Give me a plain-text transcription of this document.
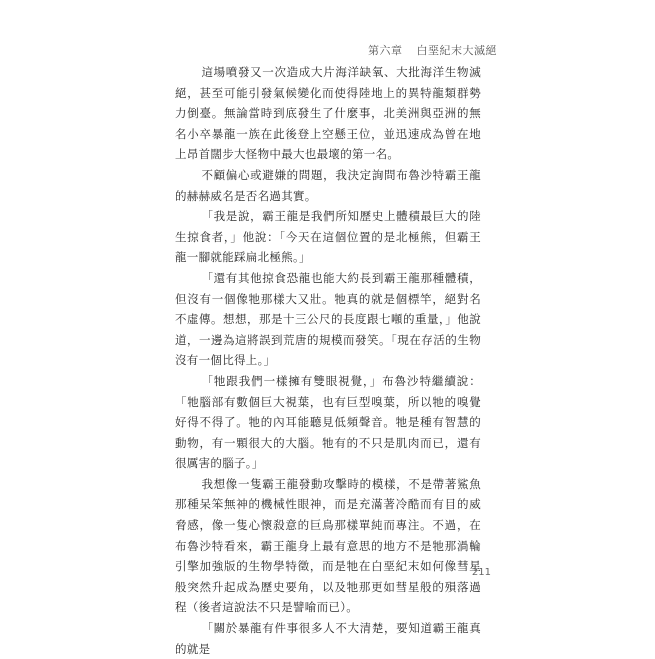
第六章 白堊紀末大滅絕

這場噴發又一次造成大片海洋缺氧、大批海洋生物滅絕，甚至可能引發氣候變化而使得陸地上的異特龍類群勢力倒臺。無論當時到底發生了什麼事，北美洲與亞洲的無名小卒暴龍一族在此後登上空懸王位，並迅速成為曾在地上昂首闊步大怪物中最大也最壞的第一名。

不顧偏心或避嫌的問題，我決定詢問布魯沙特霸王龍的赫赫威名是否名過其實。

「我是說，霸王龍是我們所知歷史上體積最巨大的陸生掠食者，」他說：「今天在這個位置的是北極熊，但霸王龍一腳就能踩扁北極熊。」

「還有其他掠食恐龍也能大約長到霸王龍那種體積，但沒有一個像牠那樣大又壯。牠真的就是個標竿，絕對名不虛傳。想想，那是十三公尺的長度跟七噸的重量，」他說道，一邊為這將誤到荒唐的規模而發笑。「現在存活的生物沒有一個比得上。」

「牠跟我們一樣擁有雙眼視覺，」布魯沙特繼續說：「牠腦部有數個巨大視葉，也有巨型嗅葉，所以牠的嗅覺好得不得了。牠的內耳能聽見低頻聲音。牠是種有智慧的動物，有一顆很大的大腦。牠有的不只是肌肉而已，還有很厲害的腦子。」

我想像一隻霸王龍發動攻擊時的模樣，不是帶著鯊魚那種呆笨無神的機械性眼神，而是充滿著冷酷而有目的威脅感，像一隻心懷殺意的巨鳥那樣單純而專注。不過，在布魯沙特看來，霸王龍身上最有意思的地方不是牠那渦輪引擎加強版的生物學特徵，而是牠在白堊紀末如何像彗星般突然升起成為歷史要角，以及牠那更如彗星般的殞落過程（後者這說法不只是譬喻而已）。

「關於暴龍有件事很多人不大清楚，要知道霸王龍真的就是

211
